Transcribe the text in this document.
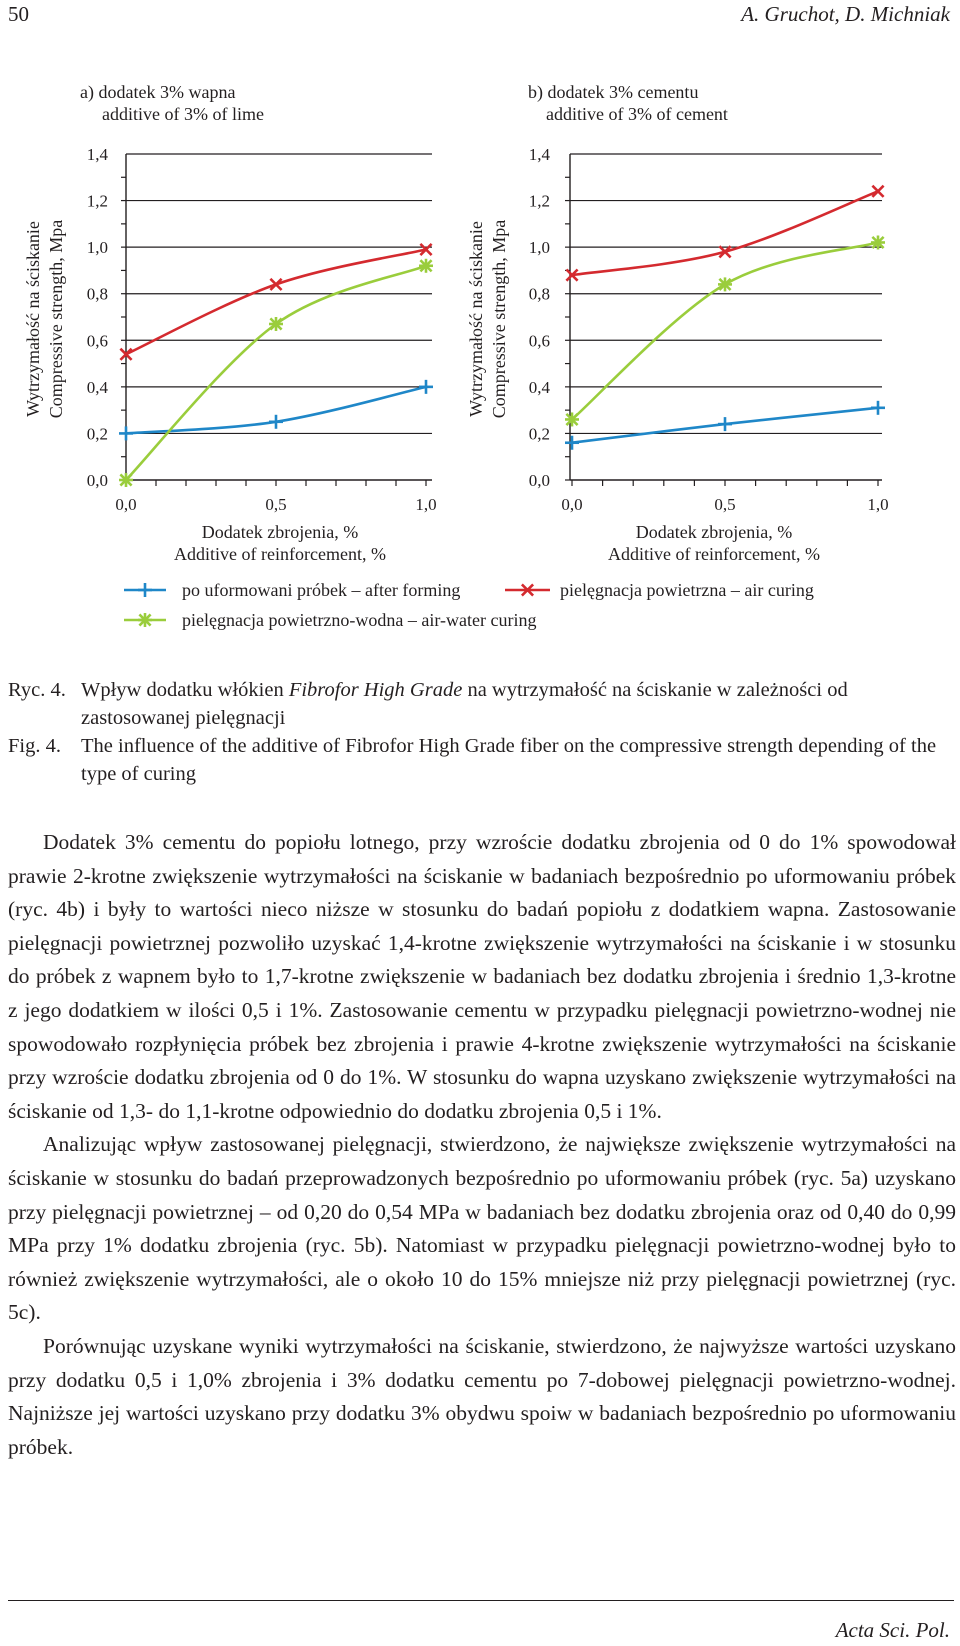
50	A. Gruchot, D. Michniak
a) dodatek 3% wapna
additive of 3% of lime
Wytrzymałość na ściskanie Compressive strength, Mpa
0,0
0,2
0,4
0,6
0,8
1,0
1,2
1,4
0,0	0,5	1,0
Dodatek zbrojenia, %
Additive of reinforcement, %
b) dodatek 3% cementu
additive of 3% of cement
Wytrzymałość na ściskanie Compressive strength, Mpa
0,0
0,2
0,4
0,6
0,8
1,0
1,2
1,4
0,0	0,5	1,0
Dodatek zbrojenia, %
Additive of reinforcement, %
po uformowani próbek – after forming	pielęgnacja powietrzna – air curing
pielęgnacja powietrzno-wodna – air-water curing
Ryc. 4. Wpływ dodatku włókien Fibrofor High Grade na wytrzymałość na ściskanie w zależności od zastosowanej pielęgnacji
Fig. 4. The influence of the additive of Fibrofor High Grade fiber on the compressive strength depending of the type of curing

Dodatek 3% cementu do popiołu lotnego, przy wzroście dodatku zbrojenia od 0 do 1% spowodował prawie 2-krotne zwiększenie wytrzymałości na ściskanie w badaniach bezpośrednio po uformowaniu próbek (ryc. 4b) i były to wartości nieco niższe w stosunku do badań popiołu z dodatkiem wapna. Zastosowanie pielęgnacji powietrznej pozwoliło uzyskać 1,4-krotne zwiększenie wytrzymałości na ściskanie i w stosunku do próbek z wapnem było to 1,7-krotne zwiększenie w badaniach bez dodatku zbrojenia i średnio 1,3-krotne z jego dodatkiem w ilości 0,5 i 1%. Zastosowanie cementu w przypadku pielęgnacji powietrzno-wodnej nie spowodowało rozpłynięcia próbek bez zbrojenia i prawie 4-krotne zwiększenie wytrzymałości na ściskanie przy wzroście dodatku zbrojenia od 0 do 1%. W stosunku do wapna uzyskano zwiększenie wytrzymałości na ściskanie od 1,3- do 1,1-krotne odpowiednio do dodatku zbrojenia 0,5 i 1%.

Analizując wpływ zastosowanej pielęgnacji, stwierdzono, że największe zwiększenie wytrzymałości na ściskanie w stosunku do badań przeprowadzonych bezpośrednio po uformowaniu próbek (ryc. 5a) uzyskano przy pielęgnacji powietrznej – od 0,20 do 0,54 MPa w badaniach bez dodatku zbrojenia oraz od 0,40 do 0,99 MPa przy 1% dodatku zbrojenia (ryc. 5b). Natomiast w przypadku pielęgnacji powietrzno-wodnej było to również zwiększenie wytrzymałości, ale o około 10 do 15% mniejsze niż przy pielęgnacji powietrznej (ryc. 5c).

Porównując uzyskane wyniki wytrzymałości na ściskanie, stwierdzono, że najwyższe wartości uzyskano przy dodatku 0,5 i 1,0% zbrojenia i 3% dodatku cementu po 7-dobowej pielęgnacji powietrzno-wodnej. Najniższe jej wartości uzyskano przy dodatku 3% obydwu spoiw w badaniach bezpośrednio po uformowaniu próbek.

Acta Sci. Pol.
